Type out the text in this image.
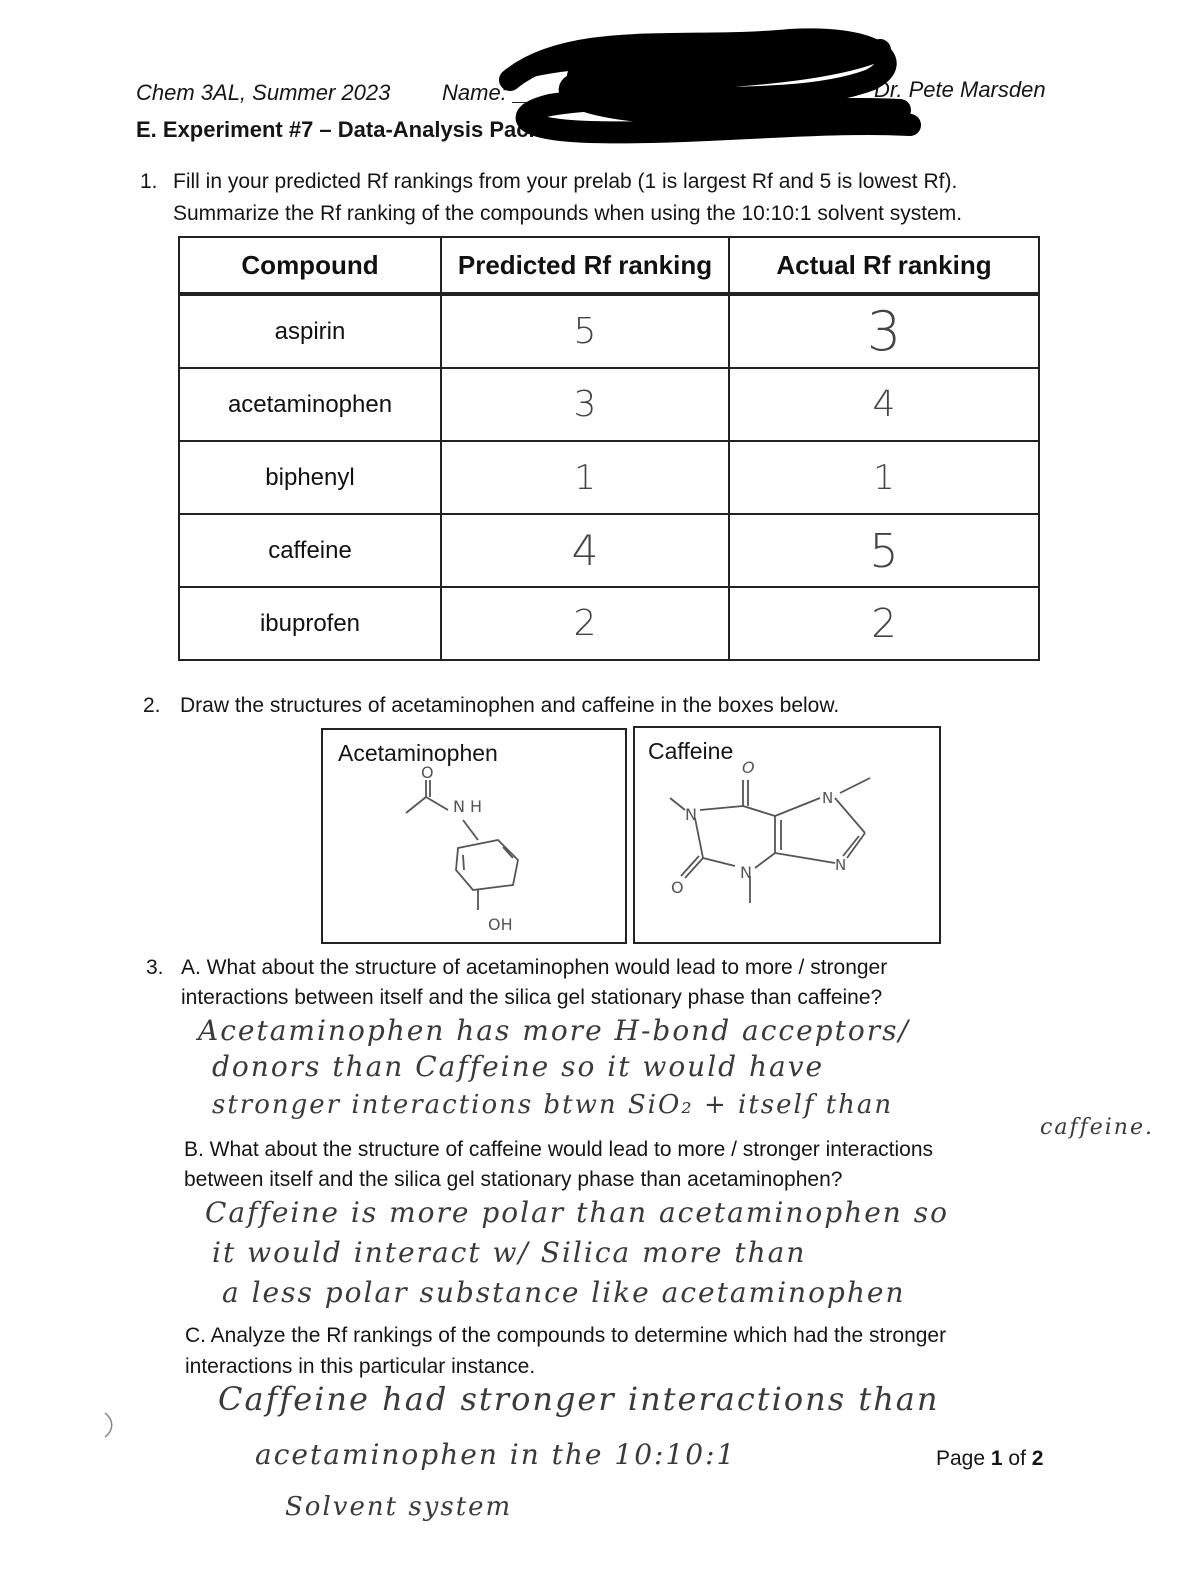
Chem 3AL, Summer 2023 Name:	Dr. Pete Marsden
E. Experiment #7 – Data-Analysis Packet
1. Fill in your predicted Rf rankings from your prelab (1 is largest Rf and 5 is lowest Rf).
Summarize the Rf ranking of the compounds when using the 10:10:1 solvent system.
Compound	Predicted Rf ranking	Actual Rf ranking
aspirin	5	3
acetaminophen	3	4
biphenyl	1	1
caffeine	4	5
ibuprofen	2	2
2. Draw the structures of acetaminophen and caffeine in the boxes below.
Acetaminophen
O
N H
OH
Caffeine
O
N
N
N	N
O
3. A. What about the structure of acetaminophen would lead to more / stronger
interactions between itself and the silica gel stationary phase than caffeine?
Acetaminophen has more H-bond acceptors/
donors than Caffeine so it would have
stronger interactions btwn SiO₂ + itself than
caffeine.
B. What about the structure of caffeine would lead to more / stronger interactions
between itself and the silica gel stationary phase than acetaminophen?
Caffeine is more polar than acetaminophen so
it would interact w/ Silica more than
a less polar substance like acetaminophen
C. Analyze the Rf rankings of the compounds to determine which had the stronger
interactions in this particular instance.
Caffeine had stronger interactions than
acetaminophen in the 10:10:1
Solvent system
Page 1 of 2
